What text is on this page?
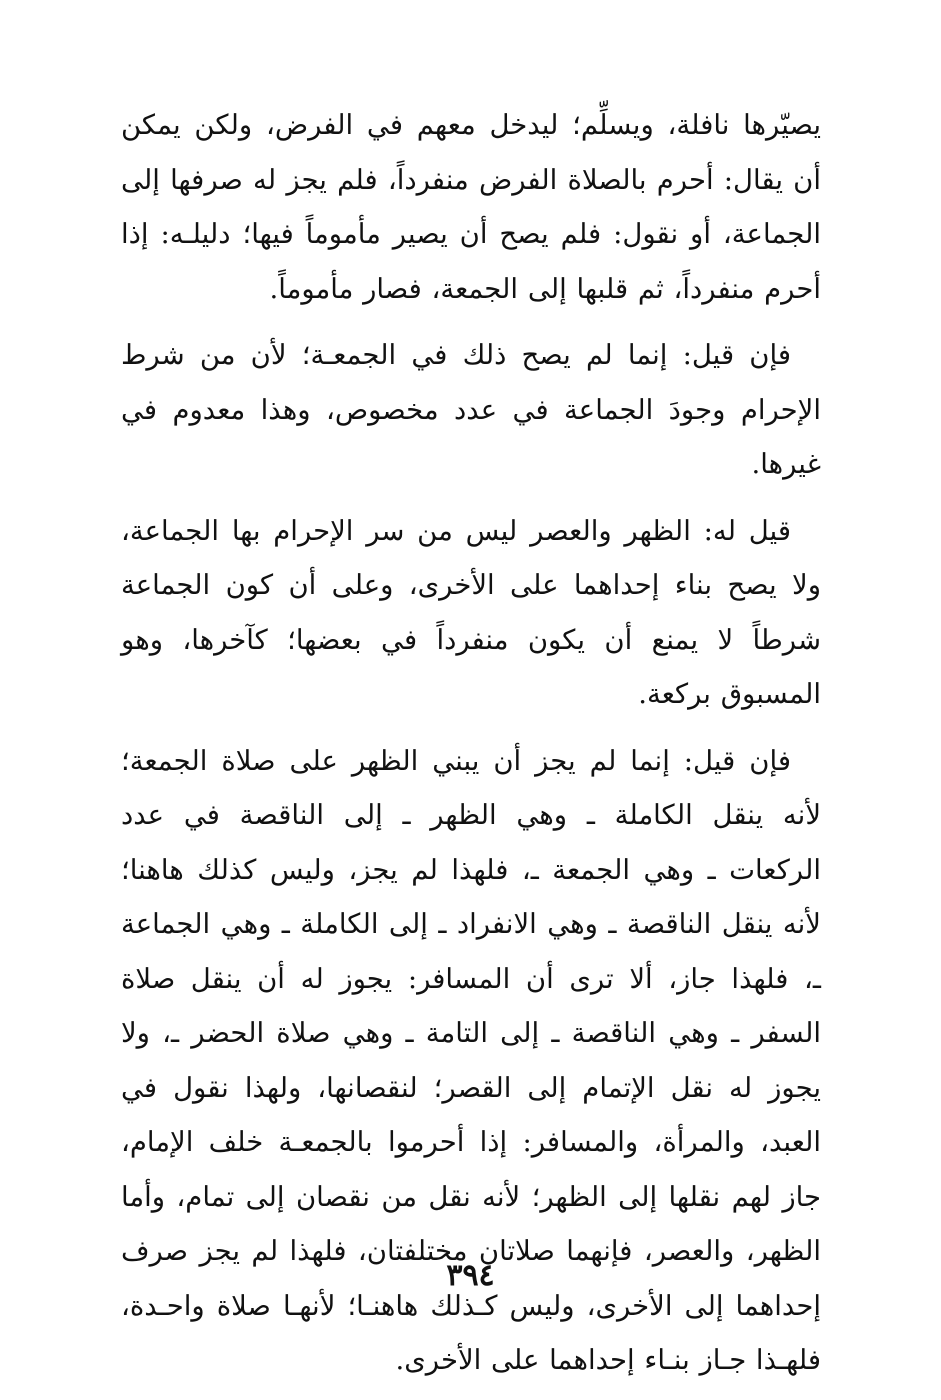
يصيّرها نافلة، ويسلِّم؛ ليدخل معهم في الفرض، ولكن يمكن أن يقال: أحرم بالصلاة الفرض منفرداً، فلم يجز له صرفها إلى الجماعة، أو نقول: فلم يصح أن يصير مأموماً فيها؛ دليلـه: إذا أحرم منفرداً، ثم قلبها إلى الجمعة، فصار مأموماً.

فإن قيل: إنما لم يصح ذلك في الجمعـة؛ لأن من شرط الإحرام وجودَ الجماعة في عدد مخصوص، وهذا معدوم في غيرها.

قيل له: الظهر والعصر ليس من سر الإحرام بها الجماعة، ولا يصح بناء إحداهما على الأخرى، وعلى أن كون الجماعة شرطاً لا يمنع أن يكون منفرداً في بعضها؛ كآخرها، وهو المسبوق بركعة.

فإن قيل: إنما لم يجز أن يبني الظهر على صلاة الجمعة؛ لأنه ينقل الكاملة ـ وهي الظهر ـ إلى الناقصة في عدد الركعات ـ وهي الجمعة ـ، فلهذا لم يجز، وليس كذلك هاهنا؛ لأنه ينقل الناقصة ـ وهي الانفراد ـ إلى الكاملة ـ وهي الجماعة ـ، فلهذا جاز، ألا ترى أن المسافر: يجوز له أن ينقل صلاة السفر ـ وهي الناقصة ـ إلى التامة ـ وهي صلاة الحضر ـ، ولا يجوز له نقل الإتمام إلى القصر؛ لنقصانها، ولهذا نقول في العبد، والمرأة، والمسافر: إذا أحرموا بالجمعـة خلف الإمام، جاز لهم نقلها إلى الظهر؛ لأنه نقل من نقصان إلى تمام، وأما الظهر، والعصر، فإنهما صلاتان مختلفتان، فلهذا لم يجز صرف إحداهما إلى الأخرى، وليس كـذلك هاهنـا؛ لأنهـا صلاة واحـدة، فلهـذا جـاز بنـاء إحداهما على الأخرى.

٣٩٤
